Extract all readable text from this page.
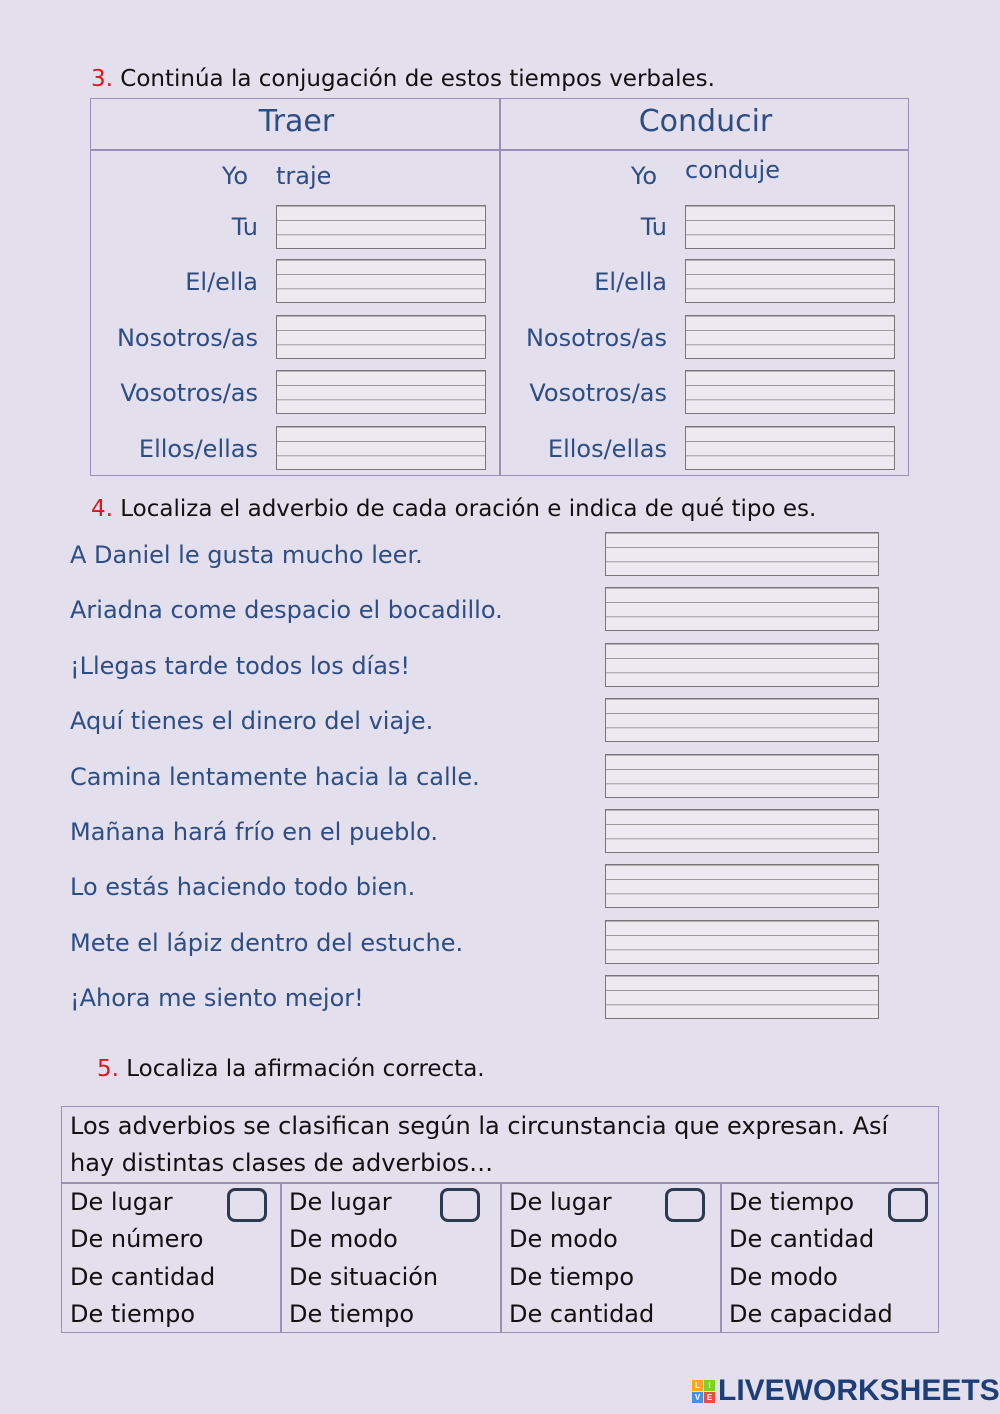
3. Continúa la conjugación de estos tiempos verbales.
Traer	Conducir
4. Localiza el adverbio de cada oración e indica de qué tipo es.
5. Localiza la afirmación correcta.
Los adverbios se clasifican según la circunstancia que expresan. Así
hay distintas clases de adverbios…
L	I
V E LIVEWORKSHEETS
Yo traje
Tu
El/ella
Nosotros/as
Vosotros/as
Ellos/ellas
Yo conduje
Tu
El/ella
Nosotros/as
Vosotros/as
Ellos/ellas
A Daniel le gusta mucho leer.
Ariadna come despacio el bocadillo.
¡Llegas tarde todos los días!
Aquí tienes el dinero del viaje.
Camina lentamente hacia la calle.
Mañana hará frío en el pueblo.
Lo estás haciendo todo bien.
Mete el lápiz dentro del estuche.
¡Ahora me siento mejor!
De lugar
De número
De cantidad
De tiempo
De lugar
De modo
De situación
De tiempo
De lugar
De modo
De tiempo
De cantidad
De tiempo
De cantidad
De modo
De capacidad
